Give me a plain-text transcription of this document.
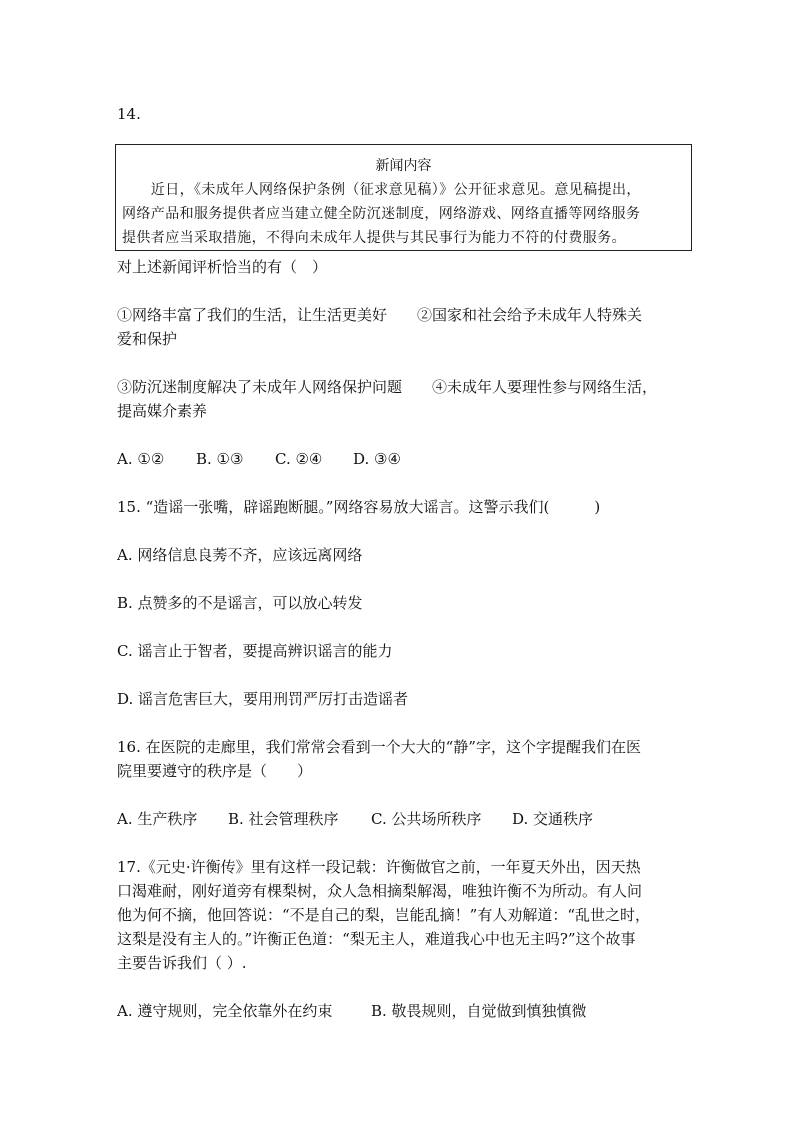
14.
新闻内容
　　近日，《未成年人网络保护条例（征求意见稿）》公开征求意见。意见稿提出，
网络产品和服务提供者应当建立健全防沉迷制度，网络游戏、网络直播等网络服务
提供者应当采取措施，不得向未成年人提供与其民事行为能力不符的付费服务。
对上述新闻评析恰当的有（　）
①网络丰富了我们的生活，让生活更美好　　②国家和社会给予未成年人特殊关
爱和保护
③防沉迷制度解决了未成年人网络保护问题　　④未成年人要理性参与网络生活，
提高媒介素养
A. ①② B. ①③ C. ②④ D. ③④
15. “造谣一张嘴，辟谣跑断腿。”网络容易放大谣言。这警示我们(　　　)
A. 网络信息良莠不齐，应该远离网络
B. 点赞多的不是谣言，可以放心转发
C. 谣言止于智者，要提高辨识谣言的能力
D. 谣言危害巨大，要用刑罚严厉打击造谣者
16. 在医院的走廊里，我们常常会看到一个大大的“静”字，这个字提醒我们在医
院里要遵守的秩序是（　　）
A. 生产秩序 B. 社会管理秩序 C. 公共场所秩序 D. 交通秩序
17.《元史·许衡传》里有这样一段记载：许衡做官之前，一年夏天外出，因天热
口渴难耐，刚好道旁有棵梨树，众人急相摘梨解渴，唯独许衡不为所动。有人问
他为何不摘，他回答说：“不是自己的梨，岂能乱摘！”有人劝解道：“乱世之时，
这梨是没有主人的。”许衡正色道：“梨无主人，难道我心中也无主吗?”这个故事
主要告诉我们（ ）.
A. 遵守规则，完全依靠外在约束	B. 敬畏规则，自觉做到慎独慎微
